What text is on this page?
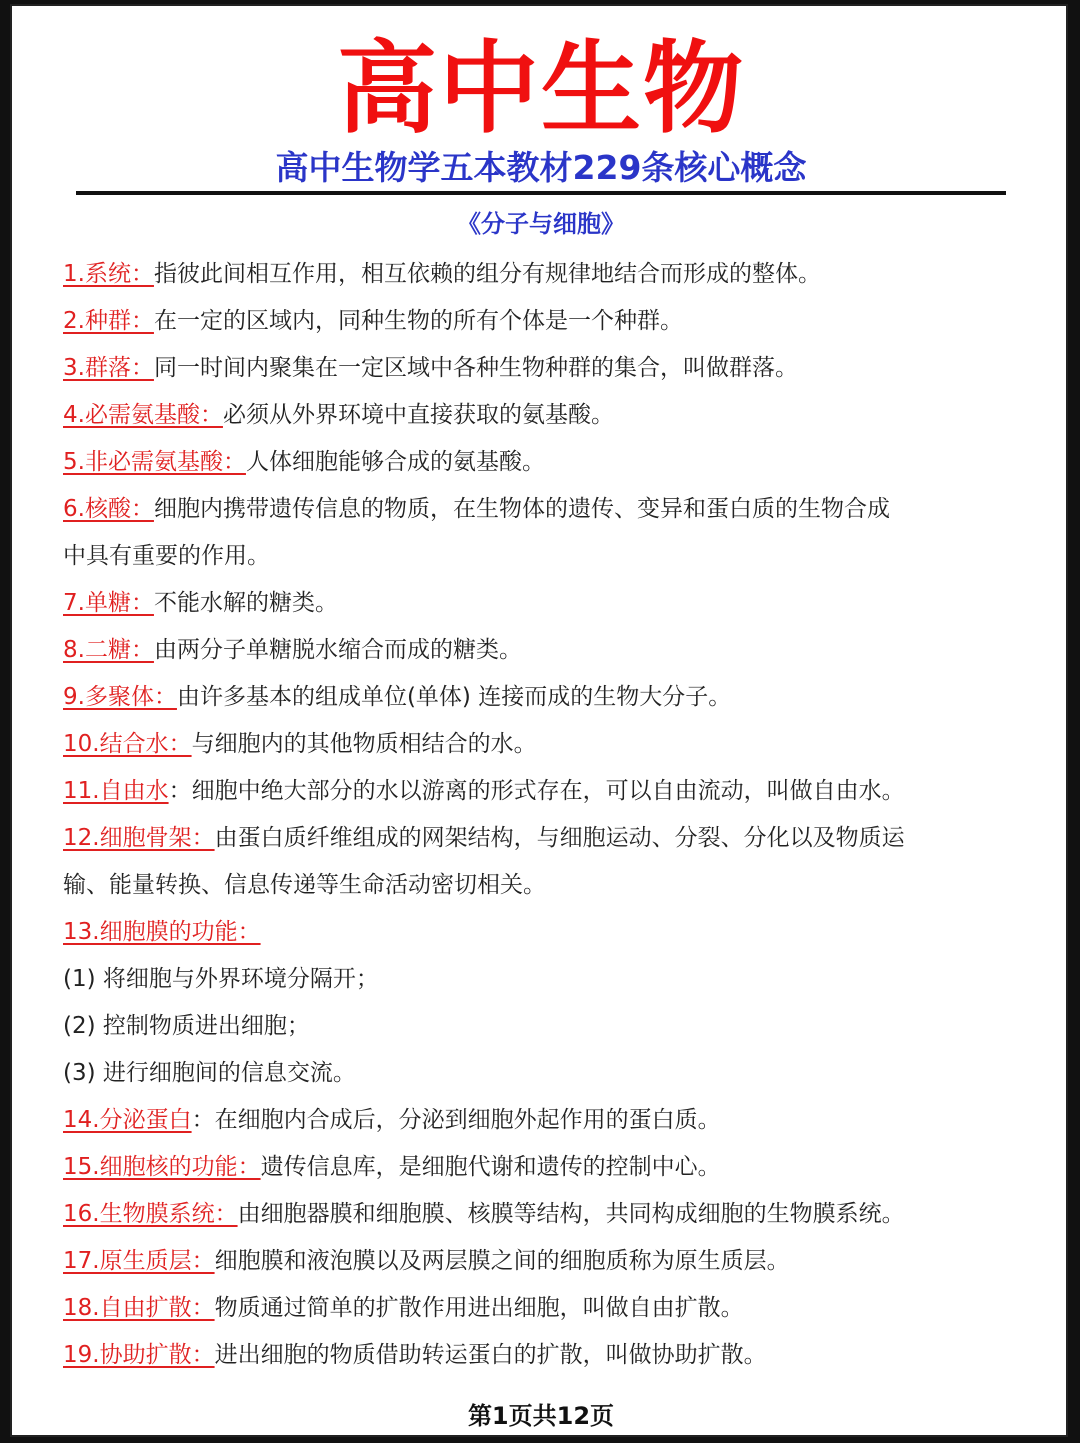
高中生物
高中生物学五本教材229条核心概念
《分子与细胞》
1.系统：指彼此间相互作用，相互依赖的组分有规律地结合而形成的整体。
2.种群：在一定的区域内，同种生物的所有个体是一个种群。
3.群落：同一时间内聚集在一定区域中各种生物种群的集合，叫做群落。
4.必需氨基酸：必须从外界环境中直接获取的氨基酸。
5.非必需氨基酸：人体细胞能够合成的氨基酸。
6.核酸：细胞内携带遗传信息的物质，在生物体的遗传、变异和蛋白质的生物合成
中具有重要的作用。
7.单糖：不能水解的糖类。
8.二糖：由两分子单糖脱水缩合而成的糖类。
9.多聚体：由许多基本的组成单位(单体) 连接而成的生物大分子。
10.结合水：与细胞内的其他物质相结合的水。
11.自由水：细胞中绝大部分的水以游离的形式存在，可以自由流动，叫做自由水。
12.细胞骨架：由蛋白质纤维组成的网架结构，与细胞运动、分裂、分化以及物质运
输、能量转换、信息传递等生命活动密切相关。
13.细胞膜的功能：
(1) 将细胞与外界环境分隔开；
(2) 控制物质进出细胞；
(3) 进行细胞间的信息交流。
14.分泌蛋白：在细胞内合成后，分泌到细胞外起作用的蛋白质。
15.细胞核的功能：遗传信息库，是细胞代谢和遗传的控制中心。
16.生物膜系统：由细胞器膜和细胞膜、核膜等结构，共同构成细胞的生物膜系统。
17.原生质层：细胞膜和液泡膜以及两层膜之间的细胞质称为原生质层。
18.自由扩散：物质通过简单的扩散作用进出细胞，叫做自由扩散。
19.协助扩散：进出细胞的物质借助转运蛋白的扩散，叫做协助扩散。
第1页共12页
